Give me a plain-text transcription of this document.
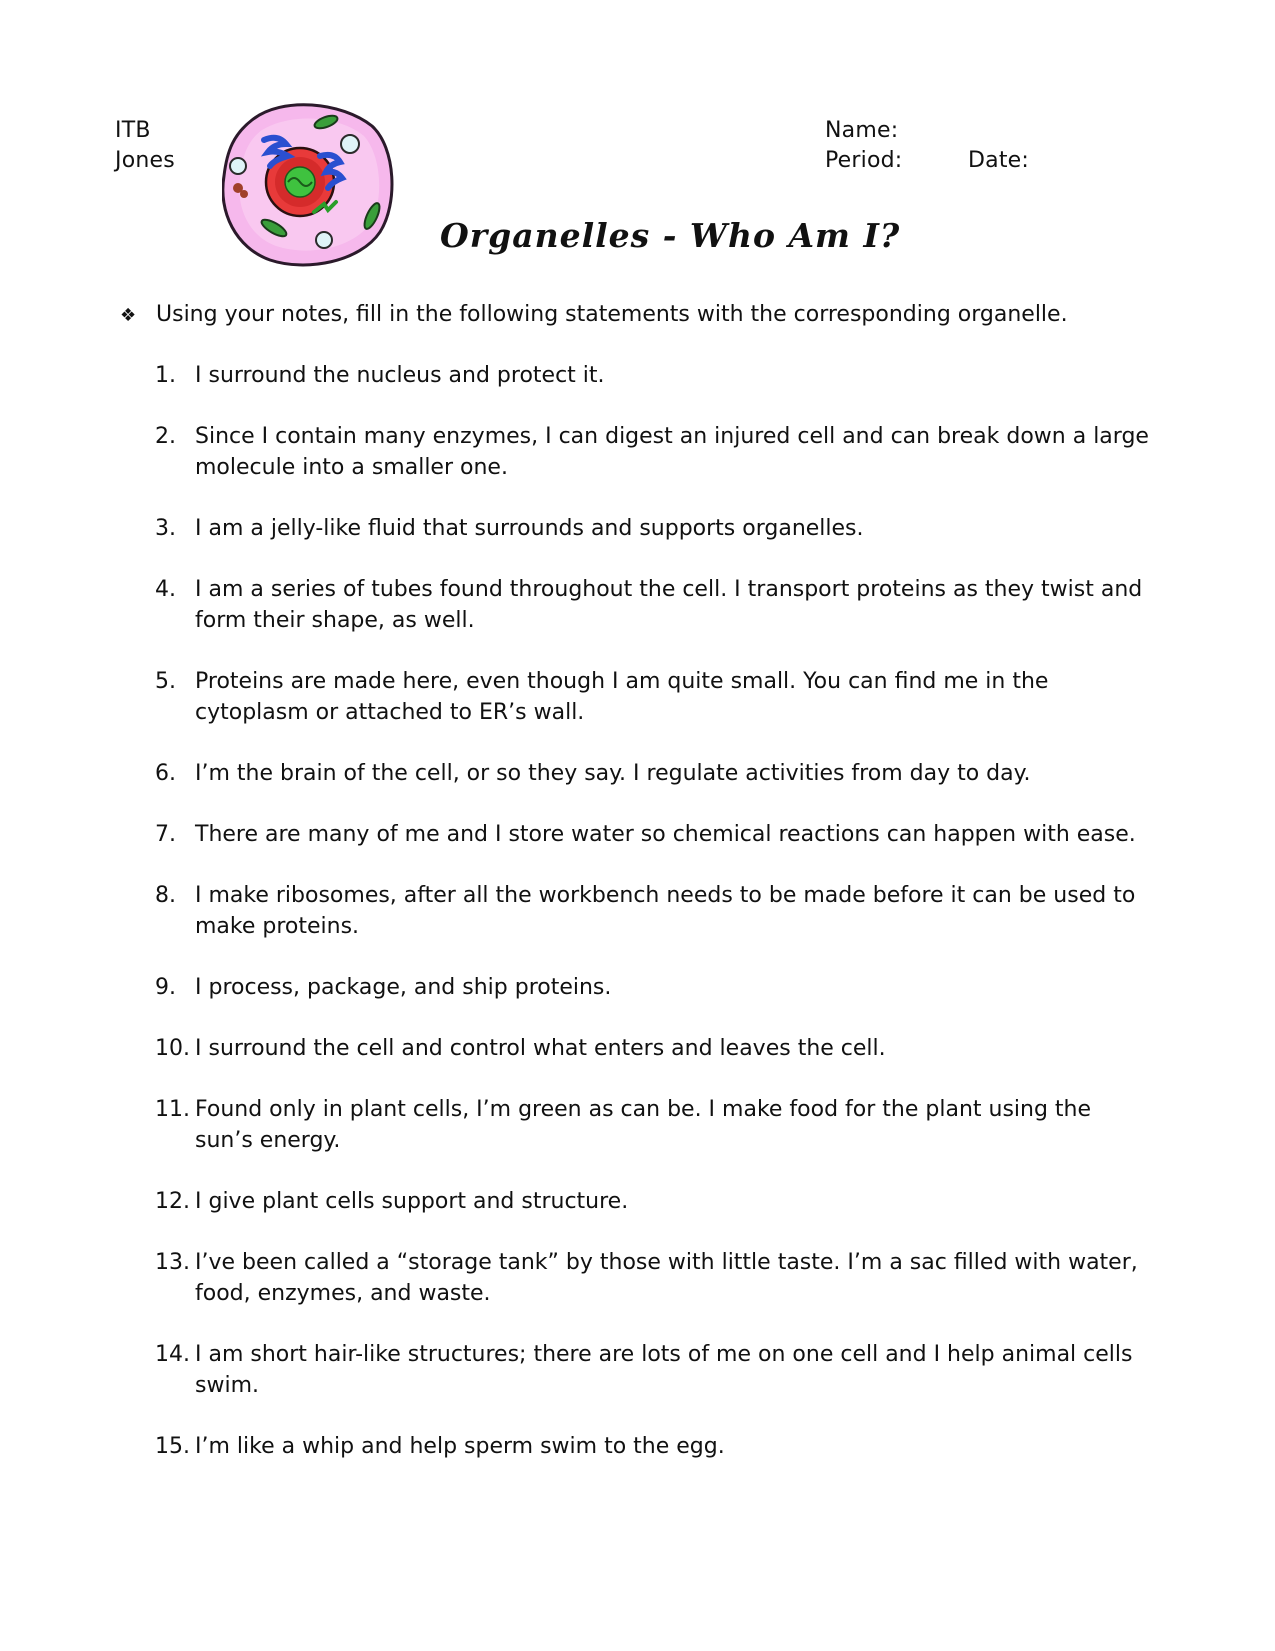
ITB
Jones
Name:
Period:	Date:
Organelles - Who Am I?
❖ Using your notes, fill in the following statements with the corresponding organelle.
1. I surround the nucleus and protect it.
2. Since I contain many enzymes, I can digest an injured cell and can break down a large molecule into a smaller one.
3. I am a jelly-like fluid that surrounds and supports organelles.
4. I am a series of tubes found throughout the cell. I transport proteins as they twist and form their shape, as well.
5. Proteins are made here, even though I am quite small. You can find me in the cytoplasm or attached to ER’s wall.
6. I’m the brain of the cell, or so they say. I regulate activities from day to day.
7. There are many of me and I store water so chemical reactions can happen with ease.
8. I make ribosomes, after all the workbench needs to be made before it can be used to make proteins.
9. I process, package, and ship proteins.
10. I surround the cell and control what enters and leaves the cell.
11. Found only in plant cells, I’m green as can be. I make food for the plant using the sun’s energy.
12. I give plant cells support and structure.
13. I’ve been called a “storage tank” by those with little taste. I’m a sac filled with water, food, enzymes, and waste.
14. I am short hair-like structures; there are lots of me on one cell and I help animal cells swim.
15. I’m like a whip and help sperm swim to the egg.
